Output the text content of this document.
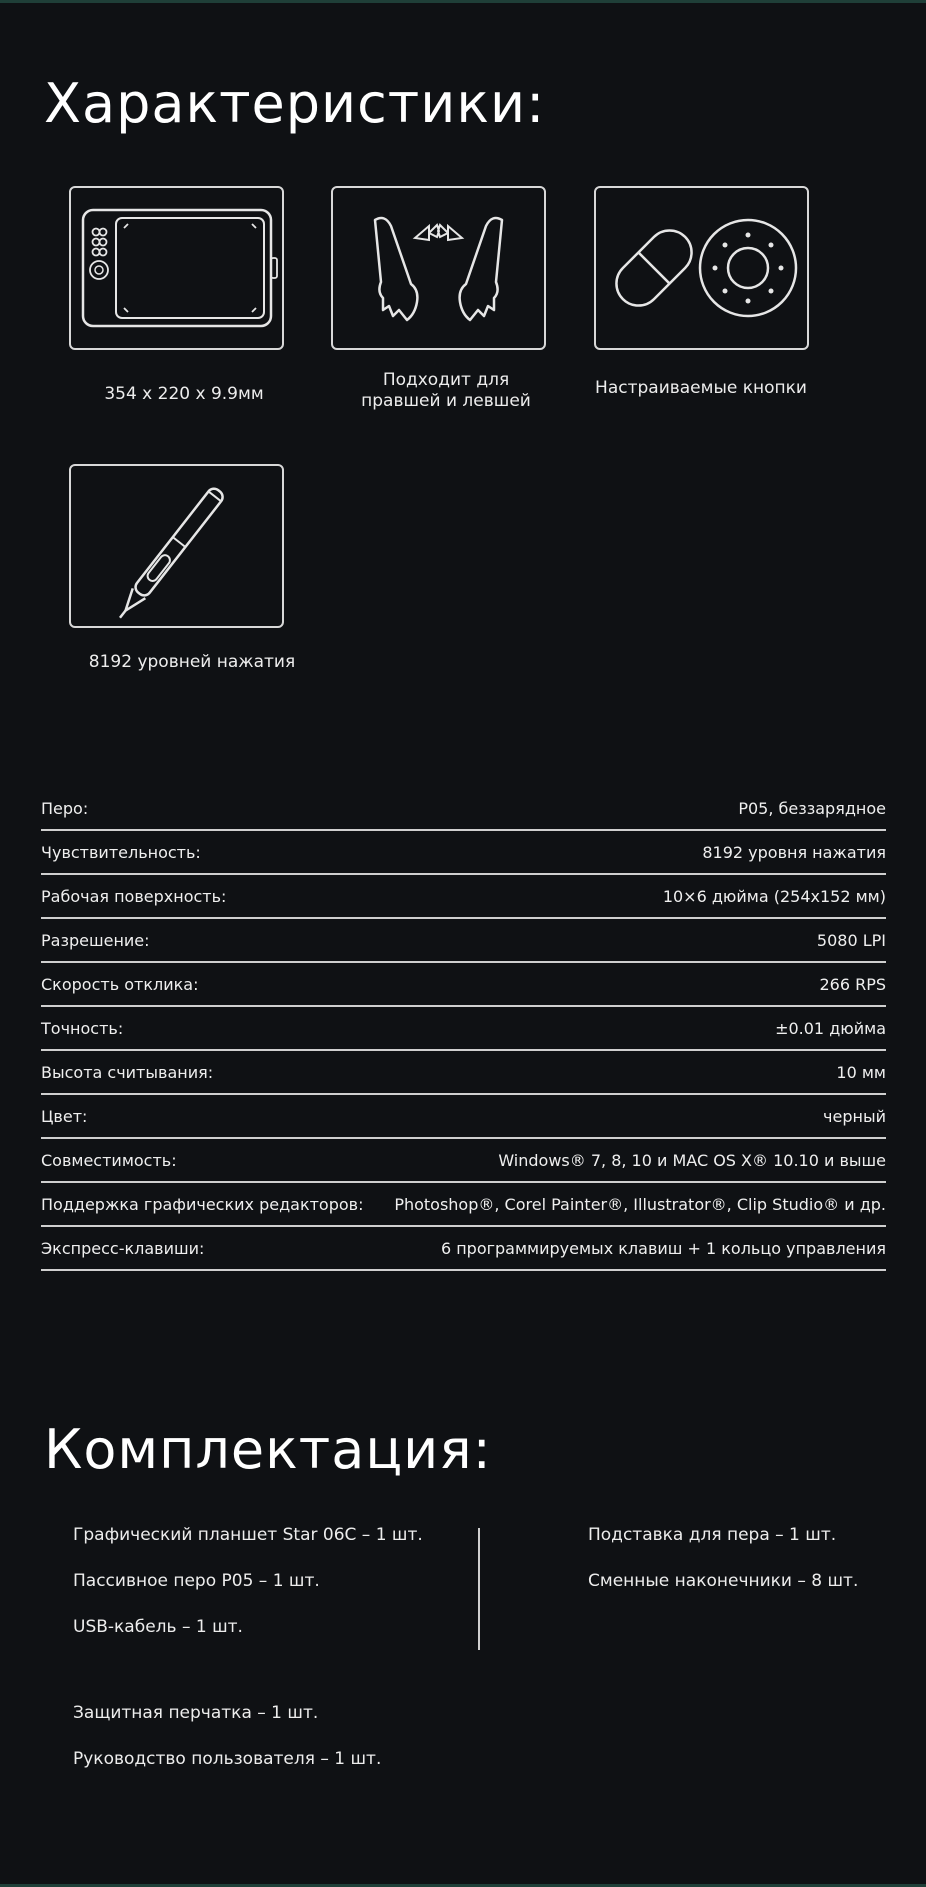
Характеристики:
354 x 220 x 9.9мм
Подходит для
правшей и левшей
Настраиваемые кнопки
8192 уровней нажатия
Перо:	P05, беззарядное
Чувствительность:	8192 уровня нажатия
Рабочая поверхность:	10×6 дюйма (254x152 мм)
Разрешение:	5080 LPI
Скорость отклика:	266 RPS
Точность:	±0.01 дюйма
Высота считывания:	10 мм
Цвет:	черный
Совместимость:	Windows® 7, 8, 10 и MAC OS X® 10.10 и выше
Поддержка графических редакторов: Photoshop®, Corel Painter®, Illustrator®, Clip Studio® и др.
Экспресс-клавиши:	6 программируемых клавиш + 1 кольцо управления
Комплектация:
Графический планшет Star 06C – 1 шт.
Пассивное перо P05 – 1 шт.
USB-кабель – 1 шт.
Подставка для пера – 1 шт.
Сменные наконечники – 8 шт.
Защитная перчатка – 1 шт.
Руководство пользователя – 1 шт.
